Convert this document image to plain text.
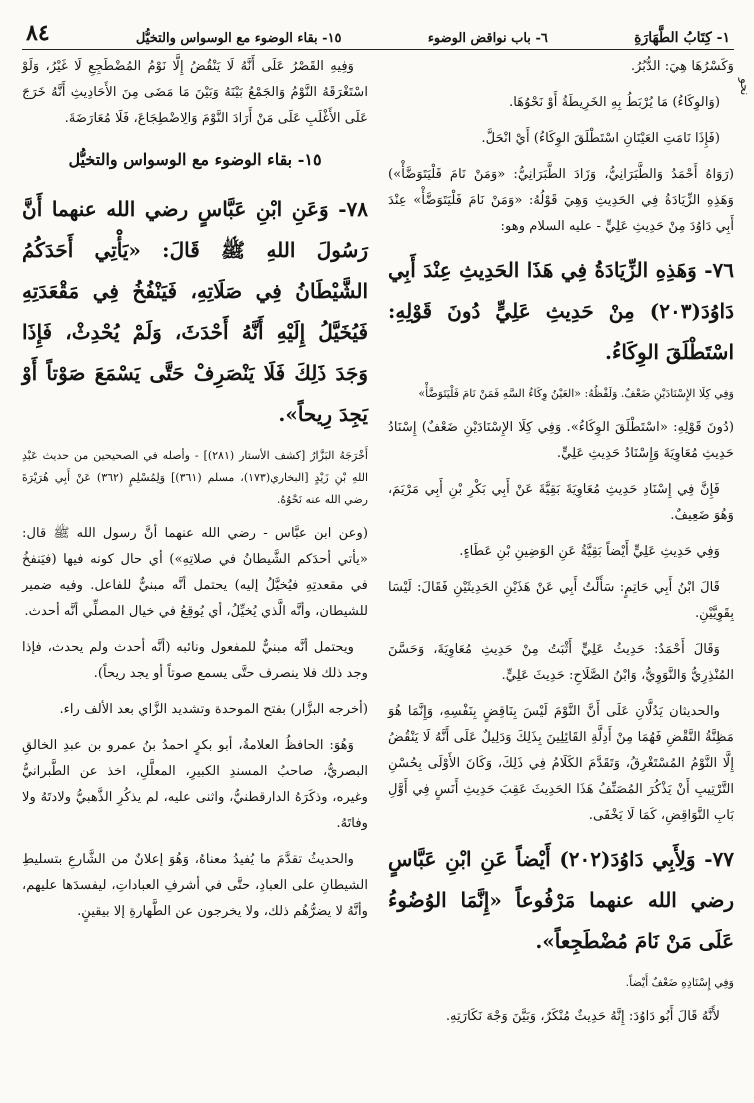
١- كِتَابُ الطَّهَارَةِ
٦- باب نواقض الوضوء
١٥- بقاء الوضوء مع الوسواس والتخيُّل
٨٤

وَكَسْرُهَا هِيَ: الدُّبُرُ.

(وَالوِكَاءُ) مَا يُرْبَطُ بِهِ الخَرِيطَةُ أَوْ نَحْوُهَا.

(فَإِذَا نَامَتِ العَيْنَانِ اسْتَطْلَقَ الوِكَاءُ) أَيْ انْحَلَّ.

(رَوَاهُ أَحْمَدُ وَالطَّبَرَانِيُّ، وَزَادَ الطَّبَرَانِيُّ: «وَمَنْ نَامَ فَلْيَتَوَضَّأْ») وَهَذِهِ الزِّيَادَةُ فِي الحَدِيثِ وَهِيَ قَوْلُهُ: «وَمَنْ نَامَ فَلْيَتَوَضَّأْ» عِنْدَ أَبِي دَاوُدَ مِنْ حَدِيثِ عَلِيٍّ - عليه السلام وهو:

٧٦- وَهَذِهِ الزِّيَادَةُ فِي هَذَا الحَدِيثِ عِنْدَ أَبِي دَاوُدَ(٢٠٣) مِنْ حَدِيثِ عَلِيٍّ دُونَ قَوْلِهِ: اسْتَطْلَقَ الوِكَاءُ.

وَفِي كِلَا الإِسْنَادَيْنِ ضَعْفٌ. وَلَفْظُهُ: «العَيْنُ وِكَاءُ السَّهِ فَمَنْ نَامَ فَلْيَتَوَضَّأْ»

(دُونَ قَوْلِهِ: «اسْتَطْلَقَ الوِكَاءُ». وَفِي كِلَا الإِسْنَادَيْنِ ضَعْفٌ) إِسْنَادُ حَدِيثِ مُعَاوِيَةَ وَإِسْنَادُ حَدِيثِ عَلِيٍّ.

فَإِنَّ فِي إِسْنَادِ حَدِيثِ مُعَاوِيَةَ بَقِيَّةَ عَنْ أَبِي بَكْرِ بْنِ أَبِي مَرْيَمَ، وَهُوَ ضَعِيفٌ.

وَفِي حَدِيثِ عَلِيٍّ أَيْضاً بَقِيَّةُ عَنِ الوَضِينِ بْنِ عَطَاءٍ.

قَالَ ابْنُ أَبِي حَاتِمٍ: سَأَلْتُ أَبِي عَنْ هَذَيْنِ الحَدِيثَيْنِ فَقَالَ: لَيْسَا بِقَوِيَّيْنِ.

وَقَالَ أَحْمَدُ: حَدِيثُ عَلِيٍّ أَثْبَتُ مِنْ حَدِيثِ مُعَاوِيَةَ، وَحَسَّنَ المُنْذِرِيُّ وَالنَّوَوِيُّ، وَابْنُ الصَّلَاحِ: حَدِيثَ عَلِيٍّ.

والحديثان يَدُلَّانِ عَلَى أَنَّ النَّوْمَ لَيْسَ بِنَاقِضٍ بِنَفْسِهِ، وَإِنَّمَا هُوَ مَظِنَّةُ النَّقْضِ فَهُمَا مِنْ أَدِلَّةِ القَائِلِينَ بِذَلِكَ وَدَلِيلٌ عَلَى أَنَّهُ لَا يَنْقُضُ إِلَّا النَّوْمُ المُسْتَغْرِقُ، وَتَقَدَّمَ الكَلَامُ فِي ذَلِكَ، وَكَانَ الأَوْلَى بِحُسْنِ التَّرْتِيبِ أَنْ يَذْكُرَ المُصَنِّفُ هَذَا الحَدِيثَ عَقِبَ حَدِيثِ أَنَسٍ فِي أَوَّلِ بَابِ النَّوَاقِضِ، كَمَا لَا يَخْفَى.

٧٧- وَلِأَبِي دَاوُدَ(٢٠٢) أَيْضاً عَنِ ابْنِ عَبَّاسٍ رضي الله عنهما مَرْفُوعاً «إِنَّمَا الوُضُوءُ عَلَى مَنْ نَامَ مُضْطَجِعاً».

وَفِي إِسْنَادِهِ ضَعْفٌ أَيْضاً.

لأَنَّهُ قَالَ أَبُو دَاوُدَ: إِنَّهُ حَدِيثٌ مُنْكَرٌ، وَبَيَّنَ وَجْهَ نَكَارَتِهِ.

وَفِيهِ القَصْرُ عَلَى أَنَّهُ لَا يَنْقُضُ إِلَّا نَوْمُ المُضْطَجِعِ لَا غَيْرُ، وَلَوْ اسْتَغْرَقَهُ النَّوْمُ وَالجَمْعُ بَيْنَهُ وَبَيْنَ مَا مَضَى مِنَ الأَحَادِيثِ أَنَّهُ خَرَجَ عَلَى الأَغْلَبِ عَلَى مَنْ أَرَادَ النَّوْمَ وَالِاضْطِجَاعَ، فَلَا مُعَارَضَةَ.

١٥- بقاء الوضوء مع الوسواس والتخيُّل

٧٨- وَعَنِ ابْنِ عَبَّاسٍ رضي الله عنهما أَنَّ رَسُولَ اللهِ ﷺ قَالَ: «يَأْتِي أَحَدَكُمُ الشَّيْطَانُ فِي صَلَاتِهِ، فَيَنْفُخُ فِي مَقْعَدَتِهِ فَيُخَيَّلُ إِلَيْهِ أَنَّهُ أَحْدَثَ، وَلَمْ يُحْدِثْ، فَإِذَا وَجَدَ ذَلِكَ فَلَا يَنْصَرِفْ حَتَّى يَسْمَعَ صَوْتاً أَوْ يَجِدَ رِيحاً».

أَخْرَجَهُ البَزَّارُ [كشف الأستار (٢٨١)] - وأصله في الصحيحين من حديث عَبْدِ اللهِ بْنِ زَيْدٍ [البخاري(١٧٣)، مسلم (٣٦١)] وَلِمُسْلِمٍ (٣٦٢) عَنْ أَبِي هُرَيْرَةَ رضي الله عنه نَحْوُهُ.

(وعن ابن عبَّاس - رضي الله عنهما أنَّ رسول الله ﷺ قال: «يأتي أحدَكم الشَّيطانُ في صلاتِهِ») أي حال كونه فيها (فيَنفخُ في مقعدتِهِ فيُخيَّلُ إليه) يحتمل أنَّه مبنيٌّ للفاعل. وفيه ضمير للشيطان، وأنَّه الَّذي يُخيِّلُ، أي يُوقِعُ في خيال المصلِّي أنَّه أحدث.

ويحتمل أنَّه مبنيٌّ للمفعول ونائبه (أنَّه أحدث ولم يحدث، فإذا وجد ذلك فلا ينصرف حتَّى يسمع صوتاً أو يجد ريحاً).

(أخرجه البزَّار) بفتح الموحدة وتشديد الزَّاي بعد الألف راء.

وَهُوَ: الحافظُ العلامةُ، أبو بكرٍ احمدُ بنُ عمرو بن عبدِ الخالقِ البصريُّ، صاحبُ المسندِ الكبيرِ، المعلَّلِ، اخذ عن الطَّبرانيُّ وغيره، وذكَرَهُ الدارقطنيُّ، واثنى عليه، لم يذكُرِ الذَّهبيُّ ولادتَهُ ولا وفاتَهُ.

والحديثُ تقدَّمَ ما يُفيدُ معناهُ، وَهُوَ إعلانٌ من الشَّارعِ بتسليطِ الشيطانِ على العبادِ، حتَّى في أشرفِ العباداتِ، ليفسدَها عليهم، وأنَّهُ لا يضرُّهُم ذلك، ولا يخرجون عن الطَّهارةِ إلا بيقينٍ.

نحو
